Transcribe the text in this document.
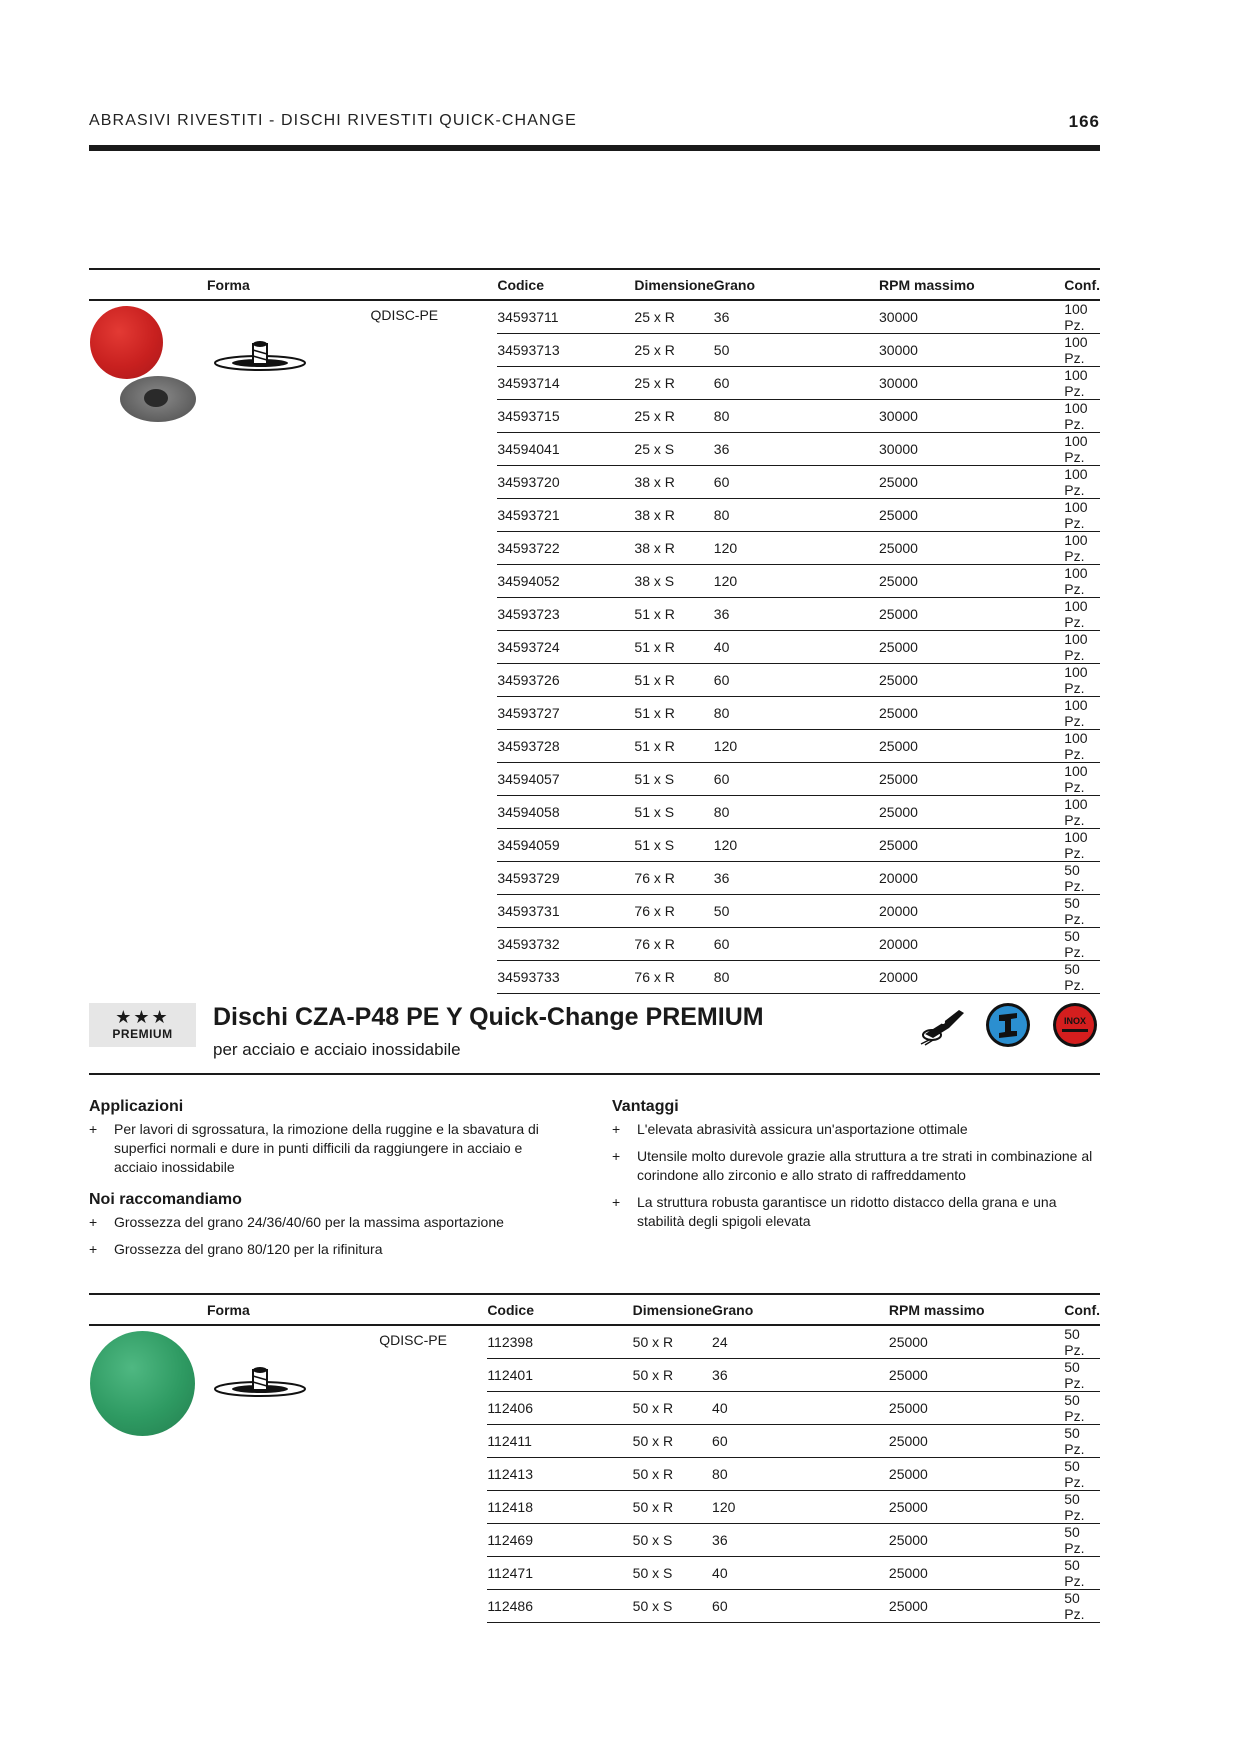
ABRASIVI RIVESTITI - DISCHI RIVESTITI QUICK-CHANGE	166
Forma		Codice	Dimensione	Grano	RPM massimo	Conf.
	QDISC-PE	34593711	25 x R	36	30000	100 Pz.
		34593713	25 x R	50	30000	100 Pz.
		34593714	25 x R	60	30000	100 Pz.
		34593715	25 x R	80	30000	100 Pz.
		34594041	25 x S	36	30000	100 Pz.
		34593720	38 x R	60	25000	100 Pz.
		34593721	38 x R	80	25000	100 Pz.
		34593722	38 x R	120	25000	100 Pz.
		34594052	38 x S	120	25000	100 Pz.
		34593723	51 x R	36	25000	100 Pz.
		34593724	51 x R	40	25000	100 Pz.
		34593726	51 x R	60	25000	100 Pz.
		34593727	51 x R	80	25000	100 Pz.
		34593728	51 x R	120	25000	100 Pz.
		34594057	51 x S	60	25000	100 Pz.
		34594058	51 x S	80	25000	100 Pz.
		34594059	51 x S	120	25000	100 Pz.
		34593729	76 x R	36	20000	50 Pz.
		34593731	76 x R	50	20000	50 Pz.
		34593732	76 x R	60	20000	50 Pz.
		34593733	76 x R	80	20000	50 Pz.
★★★
PREMIUM
Dischi CZA-P48 PE Y Quick-Change PREMIUM
per acciaio e acciaio inossidabile
INOX
Applicazioni
+ Per lavori di sgrossatura, la rimozione della ruggine e la sbavatura di superfici normali e dure in punti difficili da raggiungere in acciaio e acciaio inossidabile
Noi raccomandiamo
+ Grossezza del grano 24/36/40/60 per la massima asportazione
+ Grossezza del grano 80/120 per la rifinitura
Vantaggi
+ L'elevata abrasività assicura un'asportazione ottimale
+ Utensile molto durevole grazie alla struttura a tre strati in combinazione al corindone allo zirconio e allo strato di raffreddamento
+ La struttura robusta garantisce un ridotto distacco della grana e una stabilità degli spigoli elevata
Forma		Codice	Dimensione	Grano	RPM massimo	Conf.
	QDISC-PE	112398	50 x R	24	25000	50 Pz.
		112401	50 x R	36	25000	50 Pz.
		112406	50 x R	40	25000	50 Pz.
		112411	50 x R	60	25000	50 Pz.
		112413	50 x R	80	25000	50 Pz.
		112418	50 x R	120	25000	50 Pz.
		112469	50 x S	36	25000	50 Pz.
		112471	50 x S	40	25000	50 Pz.
		112486	50 x S	60	25000	50 Pz.
